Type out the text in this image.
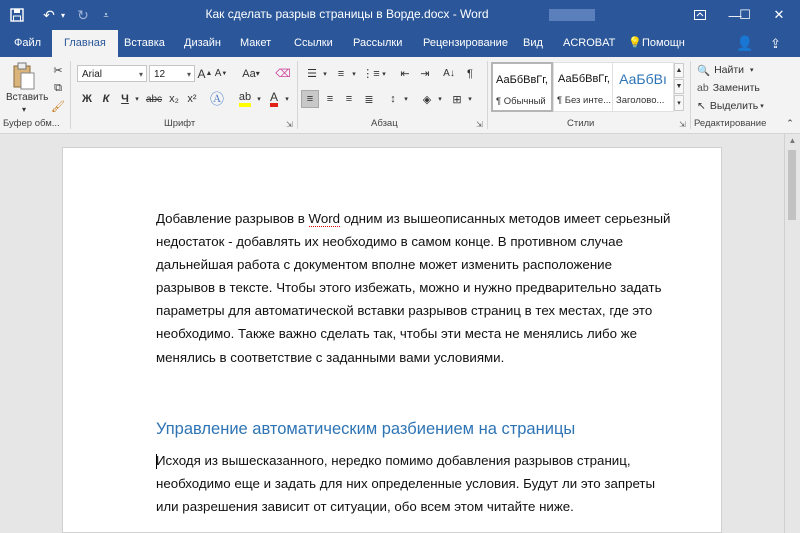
↶ ▾ ↻	⩡	Как сделать разрыв страницы в Ворде.docx - Word	—
☐	✕
Файл	Главная	Вставка Дизайн Макет Ссылки Рассылки Рецензирование Вид ACROBAT 💡 Помощн	👤 ⇪
Вставить
▾
✂
⧉
🖌
Буфер обм...
Arial	▾	12	▾ A ▲ A ▼ Aa ▾ ⌫
Ж К	Ч ▾ abc x₂ x² Ⓐ ab ▾ A	▾
Шрифт	⇲
☰ ▾	≡	▾ ⋮≡ ▾	⇤ ⇥	A↓	¶
≡	≡	≡	≣	↕	▾	◈	▾ ⊞ ▾
Абзац	⇲
АаБбВвГг,
¶ Обычный
АаБбВвГг,
¶ Без инте...
АаБбВı
Заголово...
▲
▼
▾
Стили	⇲
🔍 Найти ▾
ab Заменить
↖ Выделить ▾
Редактирование ⌃
▲
Добавление разрывов в Word одним из вышеописанных методов имеет серьезный
недостаток - добавлять их необходимо в самом конце. В противном случае
дальнейшая работа с документом вполне может изменить расположение
разрывов в тексте. Чтобы этого избежать, можно и нужно предварительно задать
параметры для автоматической вставки разрывов страниц в тех местах, где это
необходимо. Также важно сделать так, чтобы эти места не менялись либо же
менялись в соответствие с заданными вами условиями.
Управление автоматическим разбиением на страницы
Исходя из вышесказанного, нередко помимо добавления разрывов страниц,
необходимо еще и задать для них определенные условия. Будут ли это запреты
или разрешения зависит от ситуации, обо всем этом читайте ниже.
